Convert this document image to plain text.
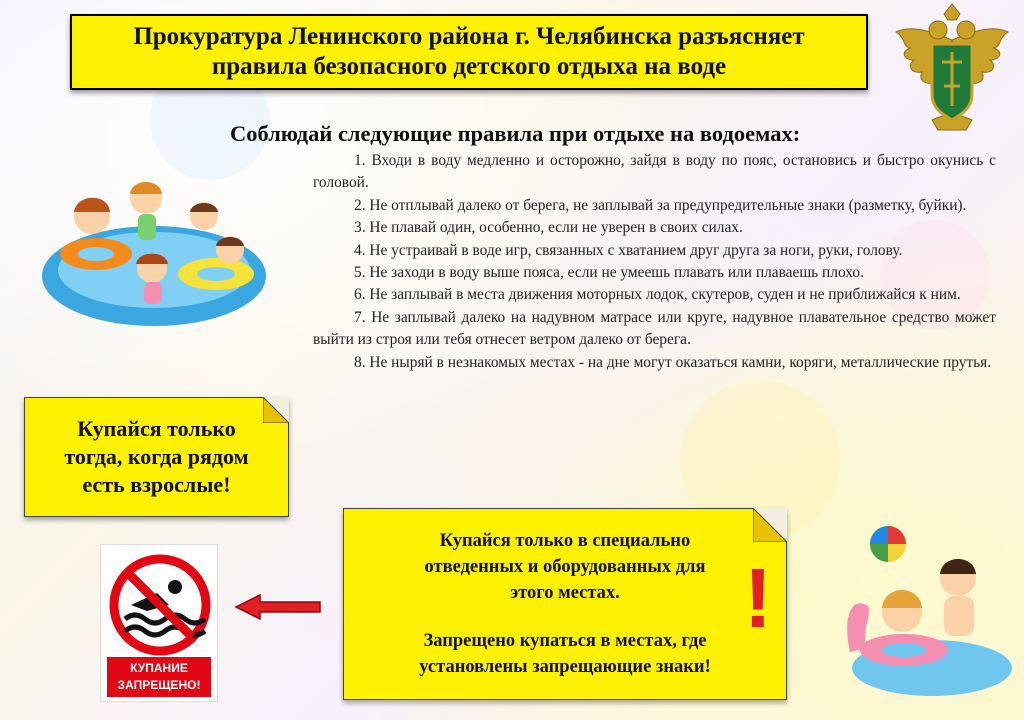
Прокуратура Ленинского района г. Челябинска разъясняет
правила безопасного детского отдыха на воде
Соблюдай следующие правила при отдыхе на водоемах:

1. Входи в воду медленно и осторожно, зайдя в воду по пояс, остановись и быстро окунись с головой.

2. Не отплывай далеко от берега, не заплывай за предупредительные знаки (разметку, буйки).

3. Не плавай один, особенно, если не уверен в своих силах.

4. Не устраивай в воде игр, связанных с хватанием друг друга за ноги, руки, голову.

5. Не заходи в воду выше пояса, если не умеешь плавать или плаваешь плохо.

6. Не заплывай в места движения моторных лодок, скутеров, суден и не приближайся к ним.

7. Не заплывай далеко на надувном матрасе или круге, надувное плавательное средство может выйти из строя или тебя отнесет ветром далеко от берега.

8. Не ныряй в незнакомых местах - на дне могут оказаться камни, коряги, металлические прутья.

Купайся только
тогда, когда рядом
есть взрослые!
Купайся только в специально
отведенных и оборудованных для
этого местах.
Запрещено купаться в местах, где
установлены запрещающие знаки!
!
КУПАНИЕ
ЗАПРЕЩЕНО!
